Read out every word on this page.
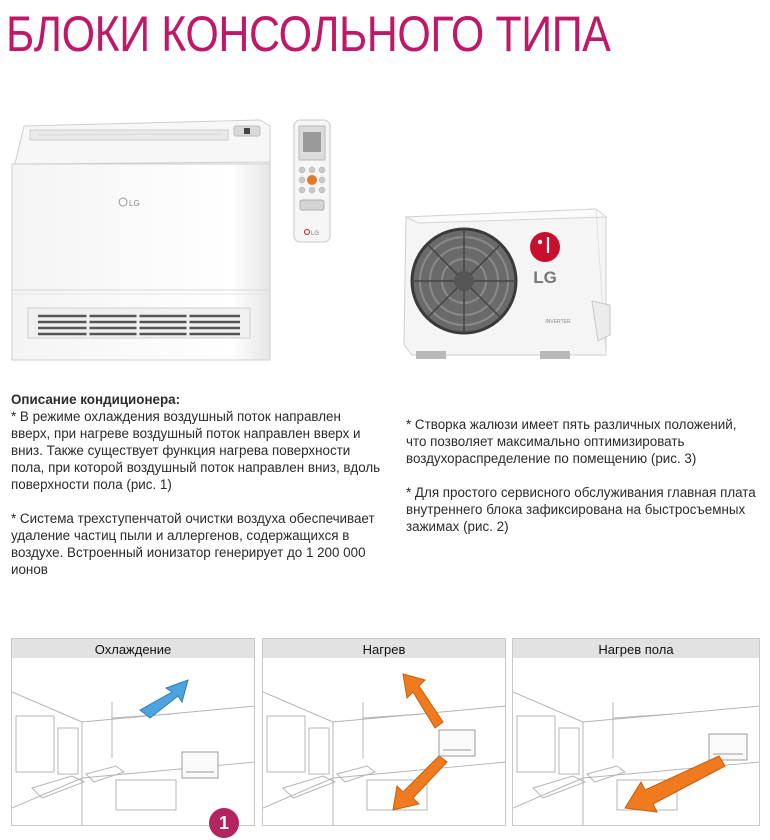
БЛОКИ КОНСОЛЬНОГО ТИПА
LG
LG
LG
INVERTER
Описание кондиционера:
* В режиме охлаждения воздушный поток направлен вверх, при нагреве воздушный поток направлен вверх и вниз. Также существует функция нагрева поверхности пола, при которой воздушный поток направлен вниз, вдоль поверхности пола (рис. 1)
* Система трехступенчатой очистки воздуха обеспечивает удаление частиц пыли и аллергенов, содержащихся в воздухе. Встроенный ионизатор генерирует до 1 200 000 ионов
* Створка жалюзи имеет пять различных положений, что позволяет максимально оптимизировать воздухораспределение по помещению (рис. 3)
* Для простого сервисного обслуживания главная плата внутреннего блока зафиксирована на быстросъемных зажимах (рис. 2)
Охлаждение	Нагрев	Нагрев пола
1
